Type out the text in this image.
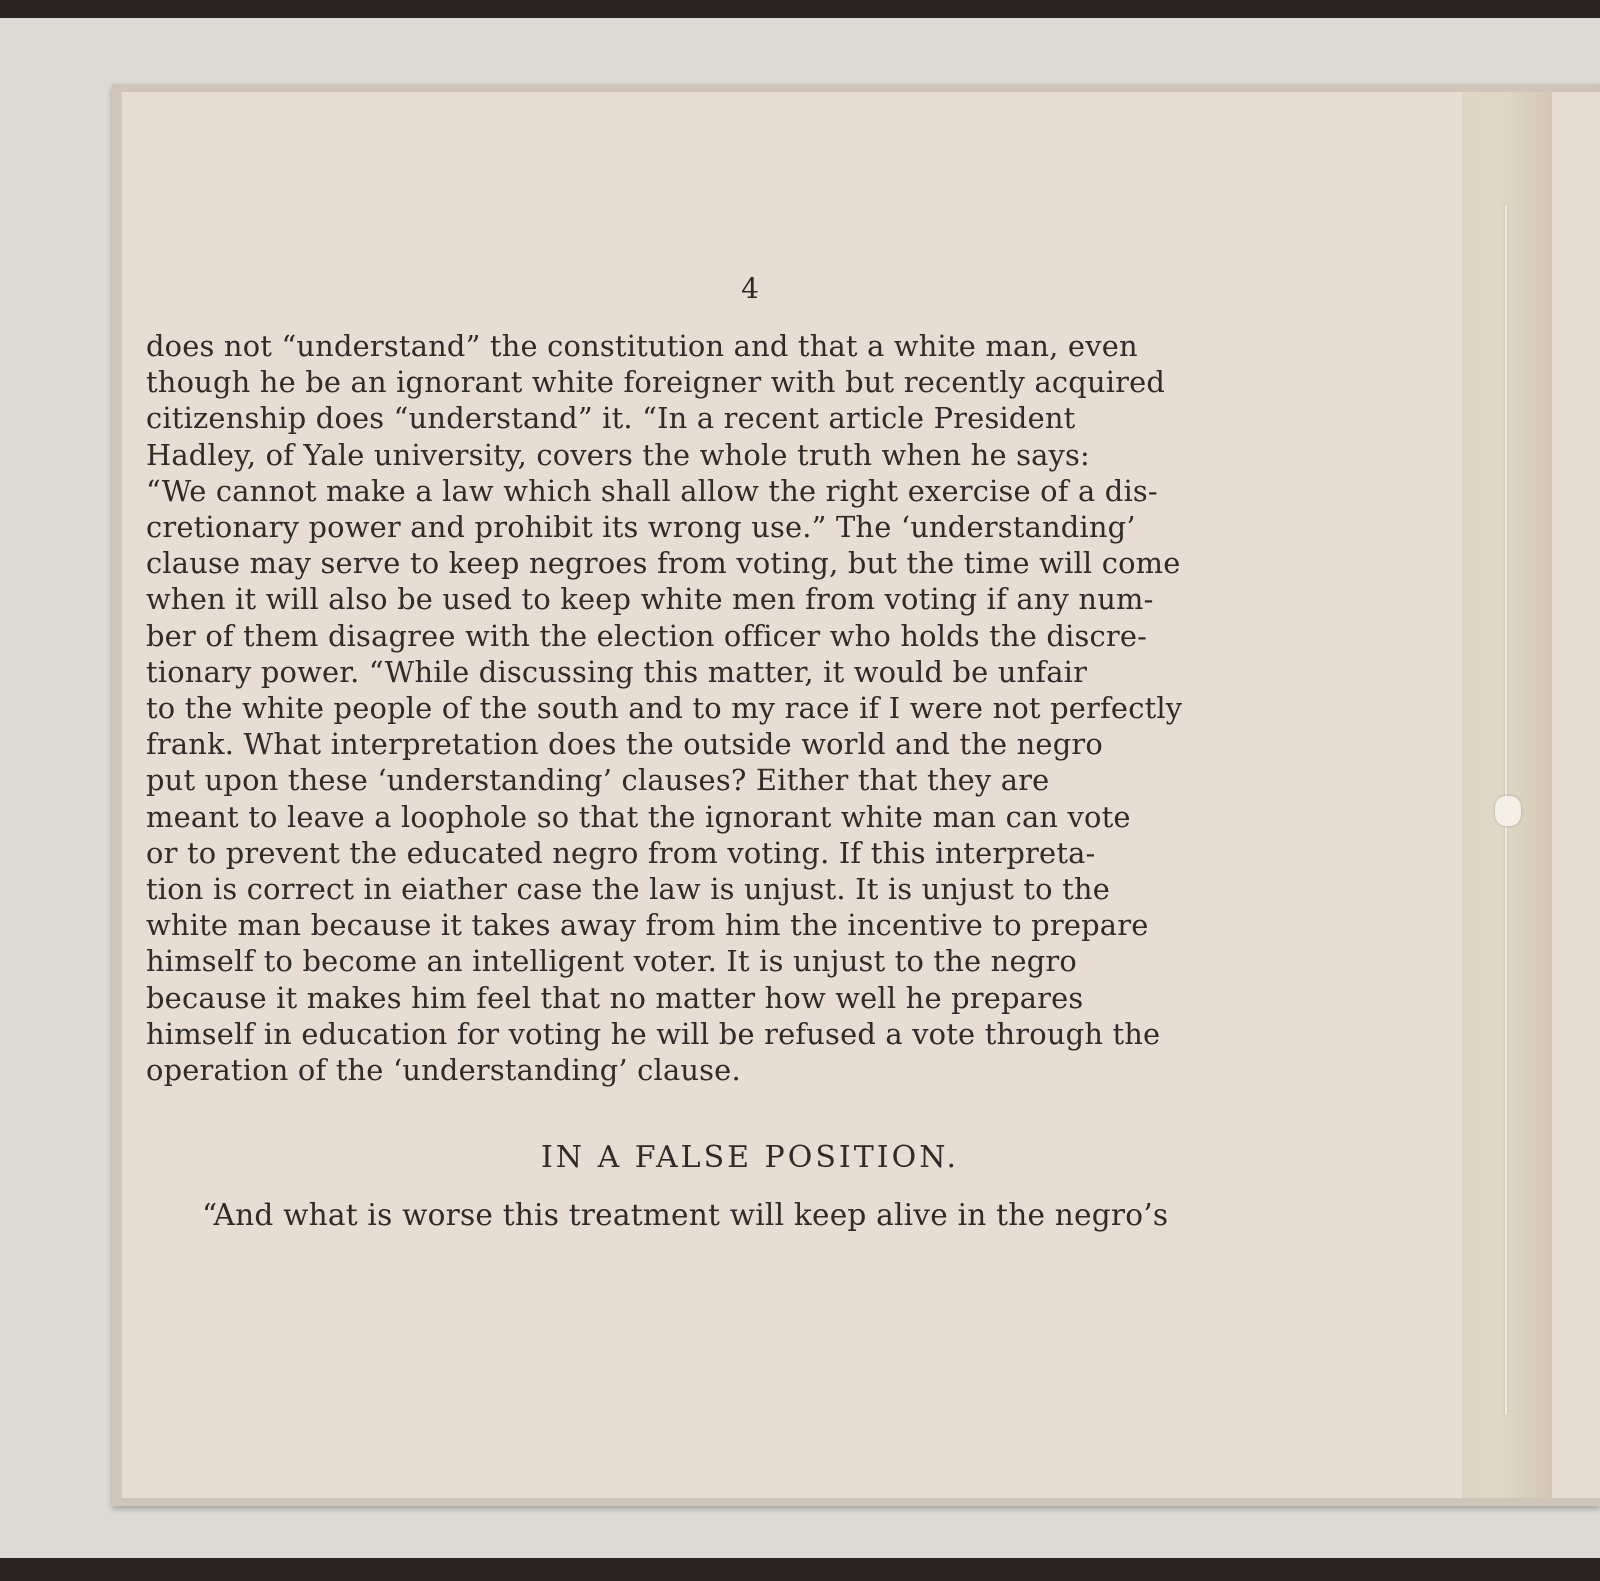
4
does not “understand” the constitution and that a white man, even
though he be an ignorant white foreigner with but recently acquired
citizenship does “understand” it. “In a recent article President
Hadley, of Yale university, covers the whole truth when he says:
“We cannot make a law which shall allow the right exercise of a dis-
cretionary power and prohibit its wrong use.” The ‘understanding’
clause may serve to keep negroes from voting, but the time will come
when it will also be used to keep white men from voting if any num-
ber of them disagree with the election officer who holds the discre-
tionary power. “While discussing this matter, it would be unfair
to the white people of the south and to my race if I were not perfectly
frank. What interpretation does the outside world and the negro
put upon these ‘understanding’ clauses? Either that they are
meant to leave a loophole so that the ignorant white man can vote
or to prevent the educated negro from voting. If this interpreta-
tion is correct in eiather case the law is unjust. It is unjust to the
white man because it takes away from him the incentive to prepare
himself to become an intelligent voter. It is unjust to the negro
because it makes him feel that no matter how well he prepares
himself in education for voting he will be refused a vote through the
operation of the ‘understanding’ clause.
IN A FALSE POSITION.
“And what is worse this treatment will keep alive in the negro’s
